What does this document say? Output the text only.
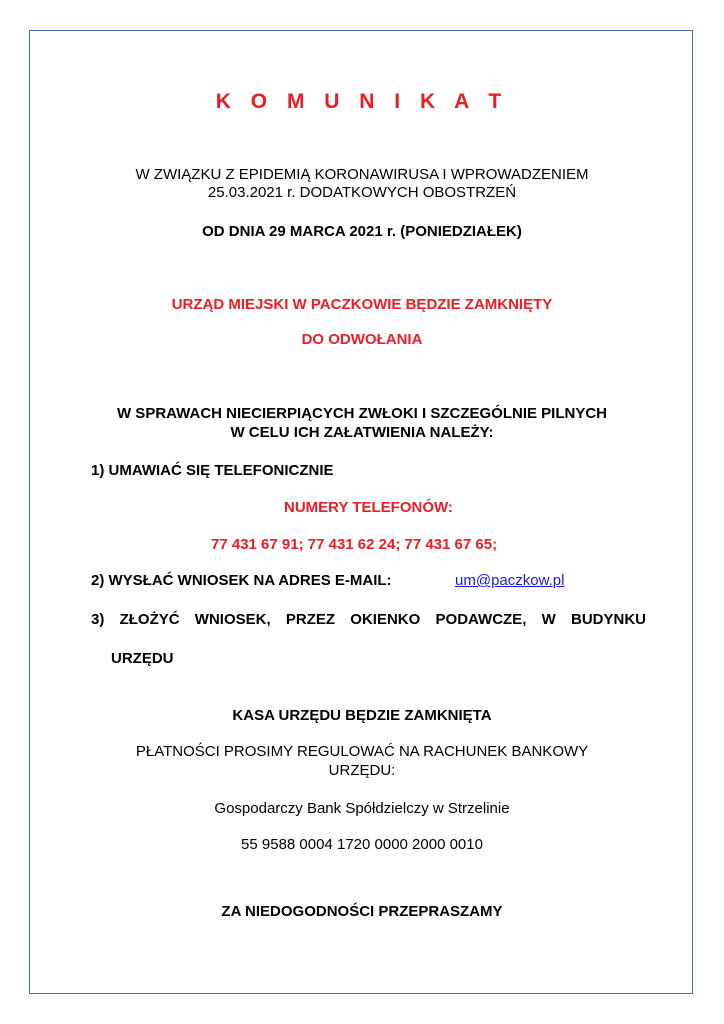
K O M U N I K A T
W ZWIĄZKU Z EPIDEMIĄ KORONAWIRUSA I WPROWADZENIEM
25.03.2021 r. DODATKOWYCH OBOSTRZEŃ
OD DNIA 29 MARCA 2021 r. (PONIEDZIAŁEK)
URZĄD MIEJSKI W PACZKOWIE BĘDZIE ZAMKNIĘTY
DO ODWOŁANIA
W SPRAWACH NIECIERPIĄCYCH ZWŁOKI I SZCZEGÓLNIE PILNYCH
W CELU ICH ZAŁATWIENIA NALEŻY:
1) UMAWIAĆ SIĘ TELEFONICZNIE
NUMERY TELEFONÓW:
77 431 67 91; 77 431 62 24; 77 431 67 65;
2) WYSŁAĆ WNIOSEK NA ADRES E-MAIL:	um@paczkow.pl
3) ZŁOŻYĆ WNIOSEK, PRZEZ OKIENKO PODAWCZE, W BUDYNKU
URZĘDU
KASA URZĘDU BĘDZIE ZAMKNIĘTA
PŁATNOŚCI PROSIMY REGULOWAĆ NA RACHUNEK BANKOWY
URZĘDU:
Gospodarczy Bank Spółdzielczy w Strzelinie
55 9588 0004 1720 0000 2000 0010
ZA NIEDOGODNOŚCI PRZEPRASZAMY
